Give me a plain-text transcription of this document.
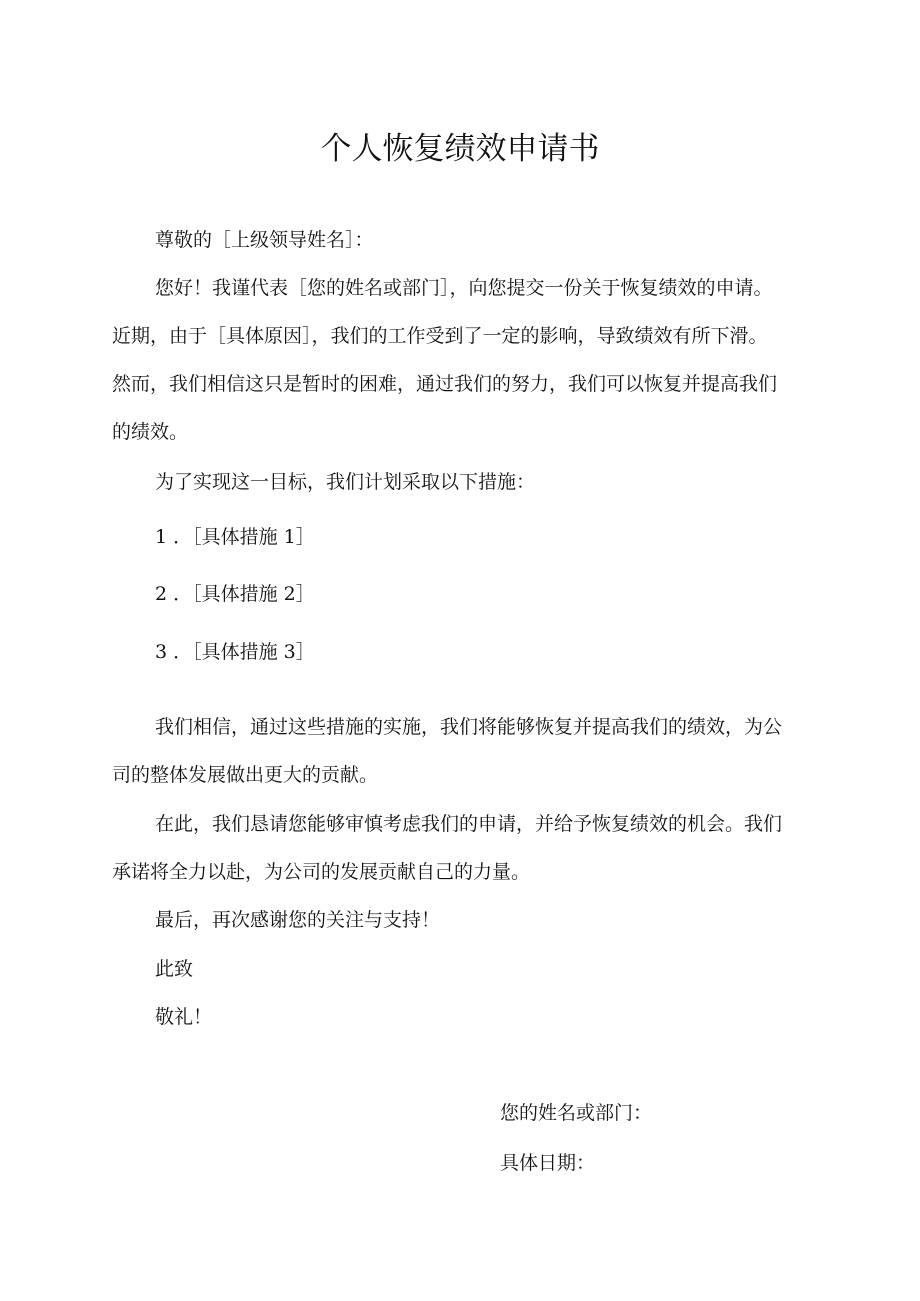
个人恢复绩效申请书

尊敬的［上级领导姓名］：

您好！我谨代表［您的姓名或部门］，向您提交一份关于恢复绩效的申请。

近期，由于［具体原因］，我们的工作受到了一定的影响，导致绩效有所下滑。

然而，我们相信这只是暂时的困难，通过我们的努力，我们可以恢复并提高我们

的绩效。

为了实现这一目标，我们计划采取以下措施：

1 ．［具体措施 1］

2 ．［具体措施 2］

3 ．［具体措施 3］

我们相信，通过这些措施的实施，我们将能够恢复并提高我们的绩效，为公

司的整体发展做出更大的贡献。

在此，我们恳请您能够审慎考虑我们的申请，并给予恢复绩效的机会。我们

承诺将全力以赴，为公司的发展贡献自己的力量。

最后，再次感谢您的关注与支持！

此致

敬礼！

您的姓名或部门：

具体日期：
